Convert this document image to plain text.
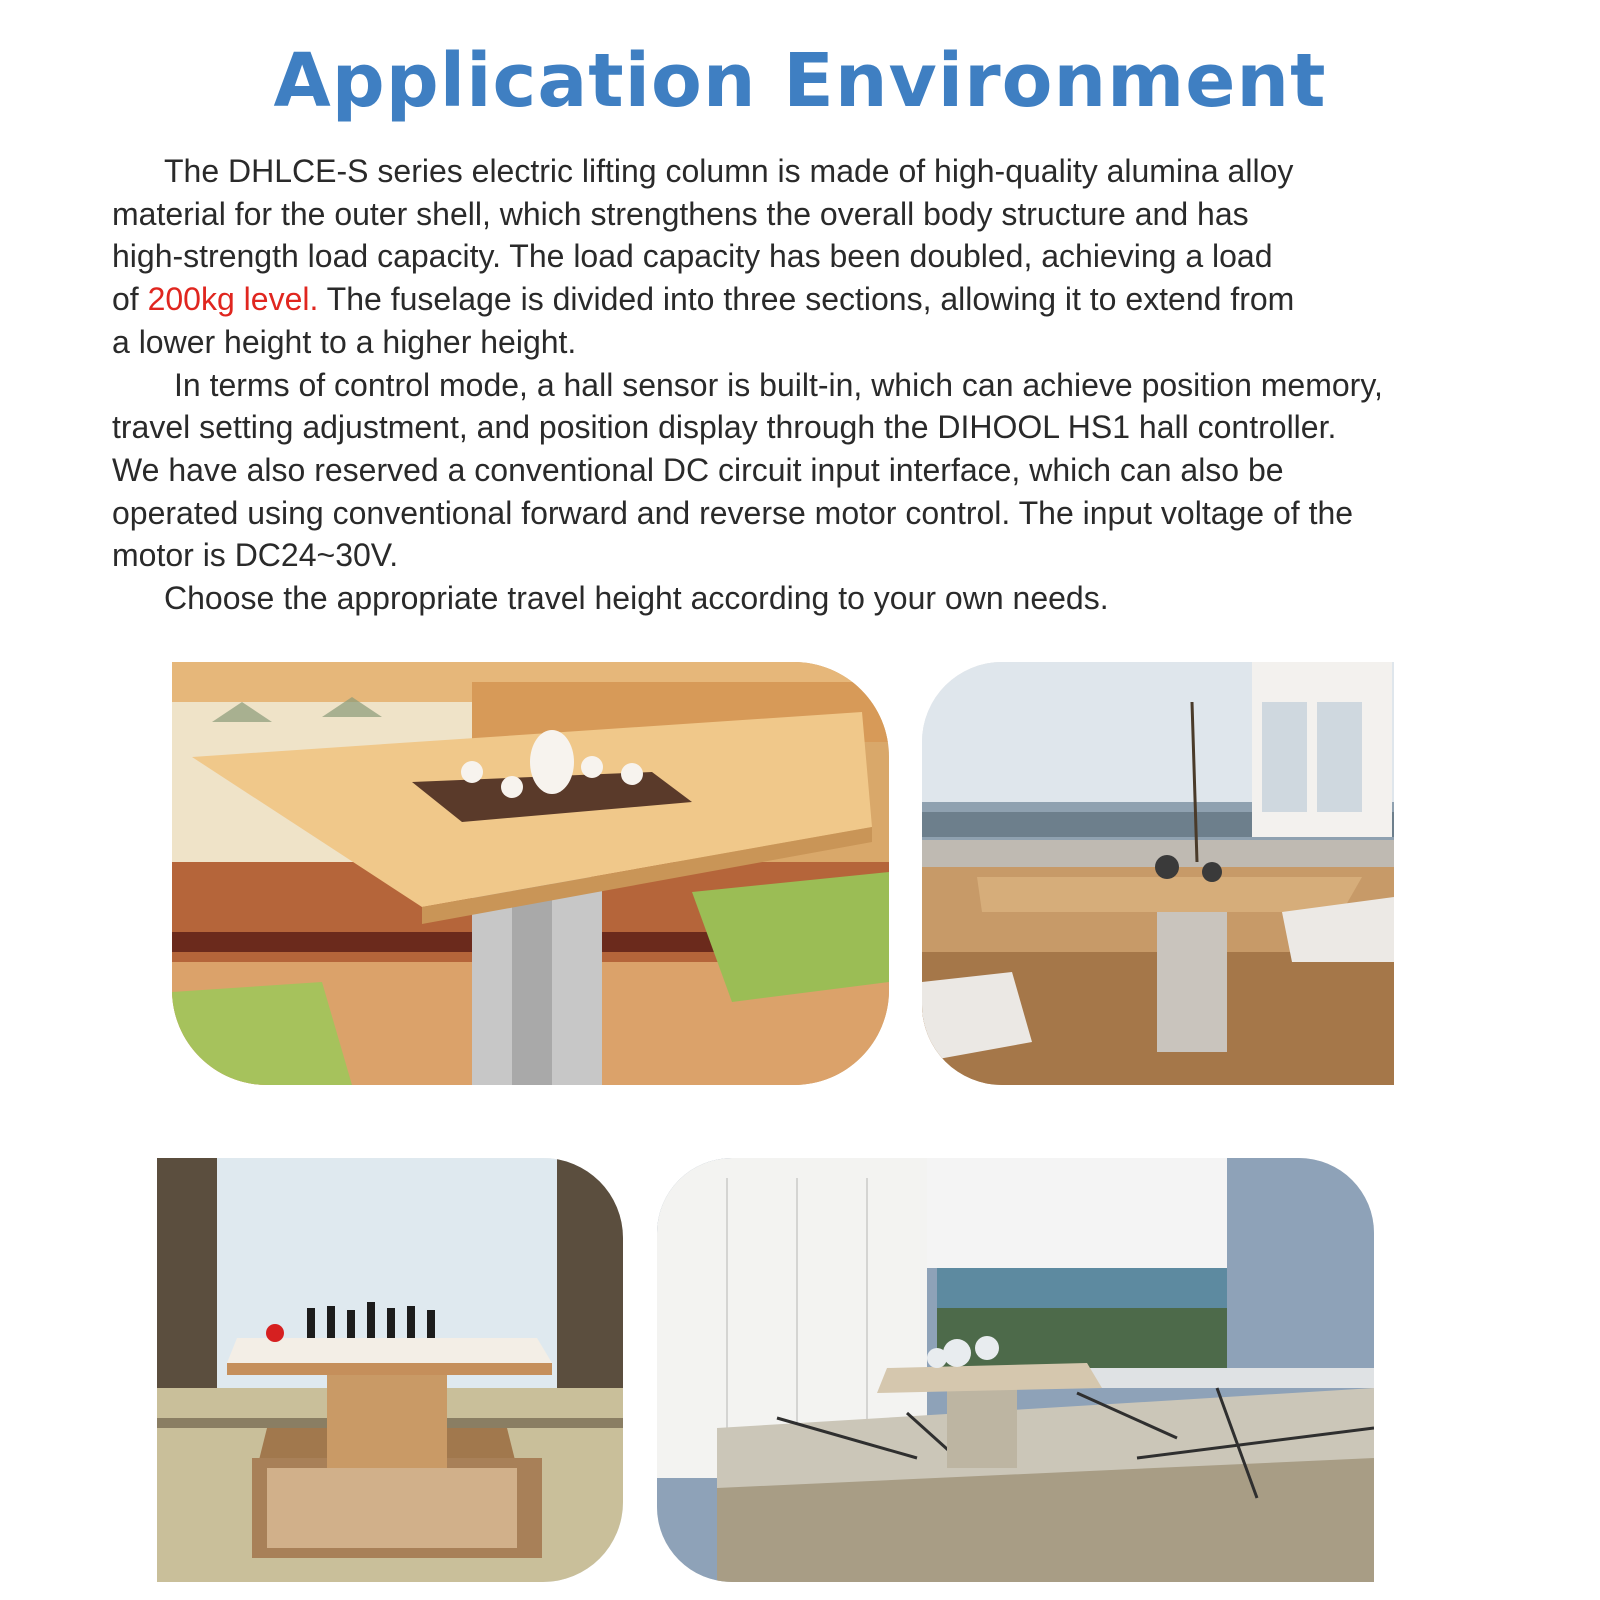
Application Environment
The DHLCE-S series electric lifting column is made of high-quality alumina alloy
material for the outer shell, which strengthens the overall body structure and has
high-strength load capacity. The load capacity has been doubled, achieving a load
of 200kg level. The fuselage is divided into three sections, allowing it to extend from
a lower height to a higher height.
In terms of control mode, a hall sensor is built-in, which can achieve position memory,
travel setting adjustment, and position display through the DIHOOL HS1 hall controller.
We have also reserved a conventional DC circuit input interface, which can also be
operated using conventional forward and reverse motor control. The input voltage of the
motor is DC24~30V.
Choose the appropriate travel height according to your own needs.
